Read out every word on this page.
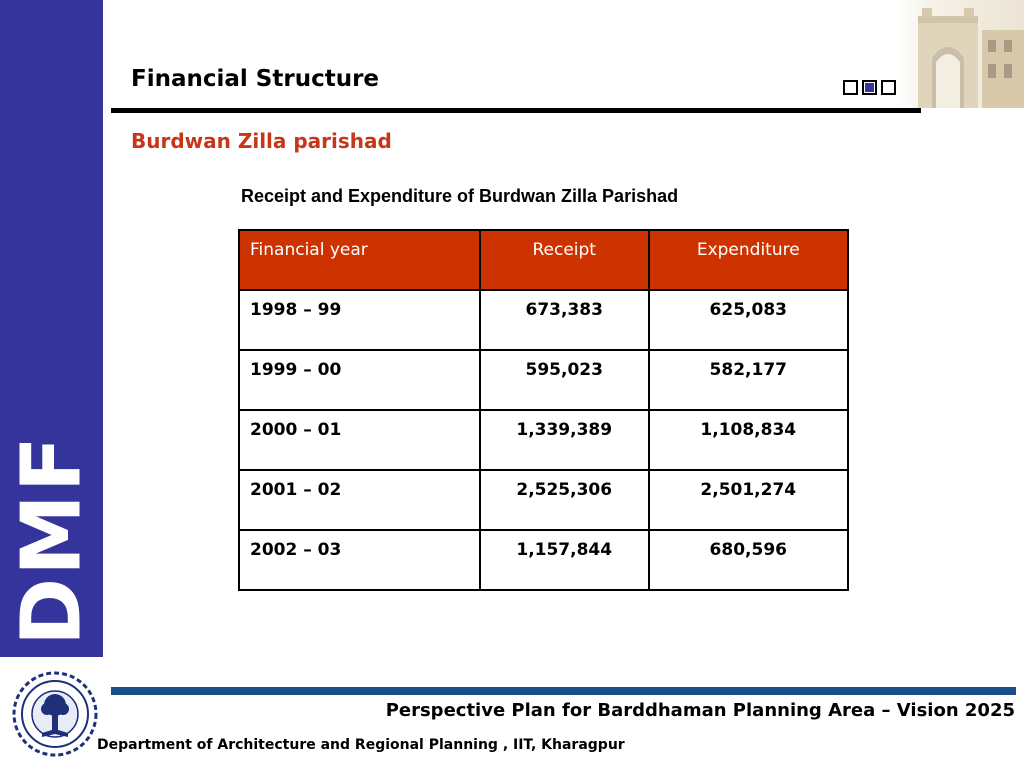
DMF
Financial Structure
Burdwan Zilla parishad
Receipt and Expenditure of Burdwan Zilla Parishad
Financial year	Receipt	Expenditure
1998 – 99	673,383	625,083
1999 – 00	595,023	582,177
2000 – 01	1,339,389	1,108,834
2001 – 02	2,525,306	2,501,274
2002 – 03	1,157,844	680,596
Perspective Plan for Barddhaman Planning Area – Vision 2025
Department of Architecture and Regional Planning , IIT, Kharagpur
